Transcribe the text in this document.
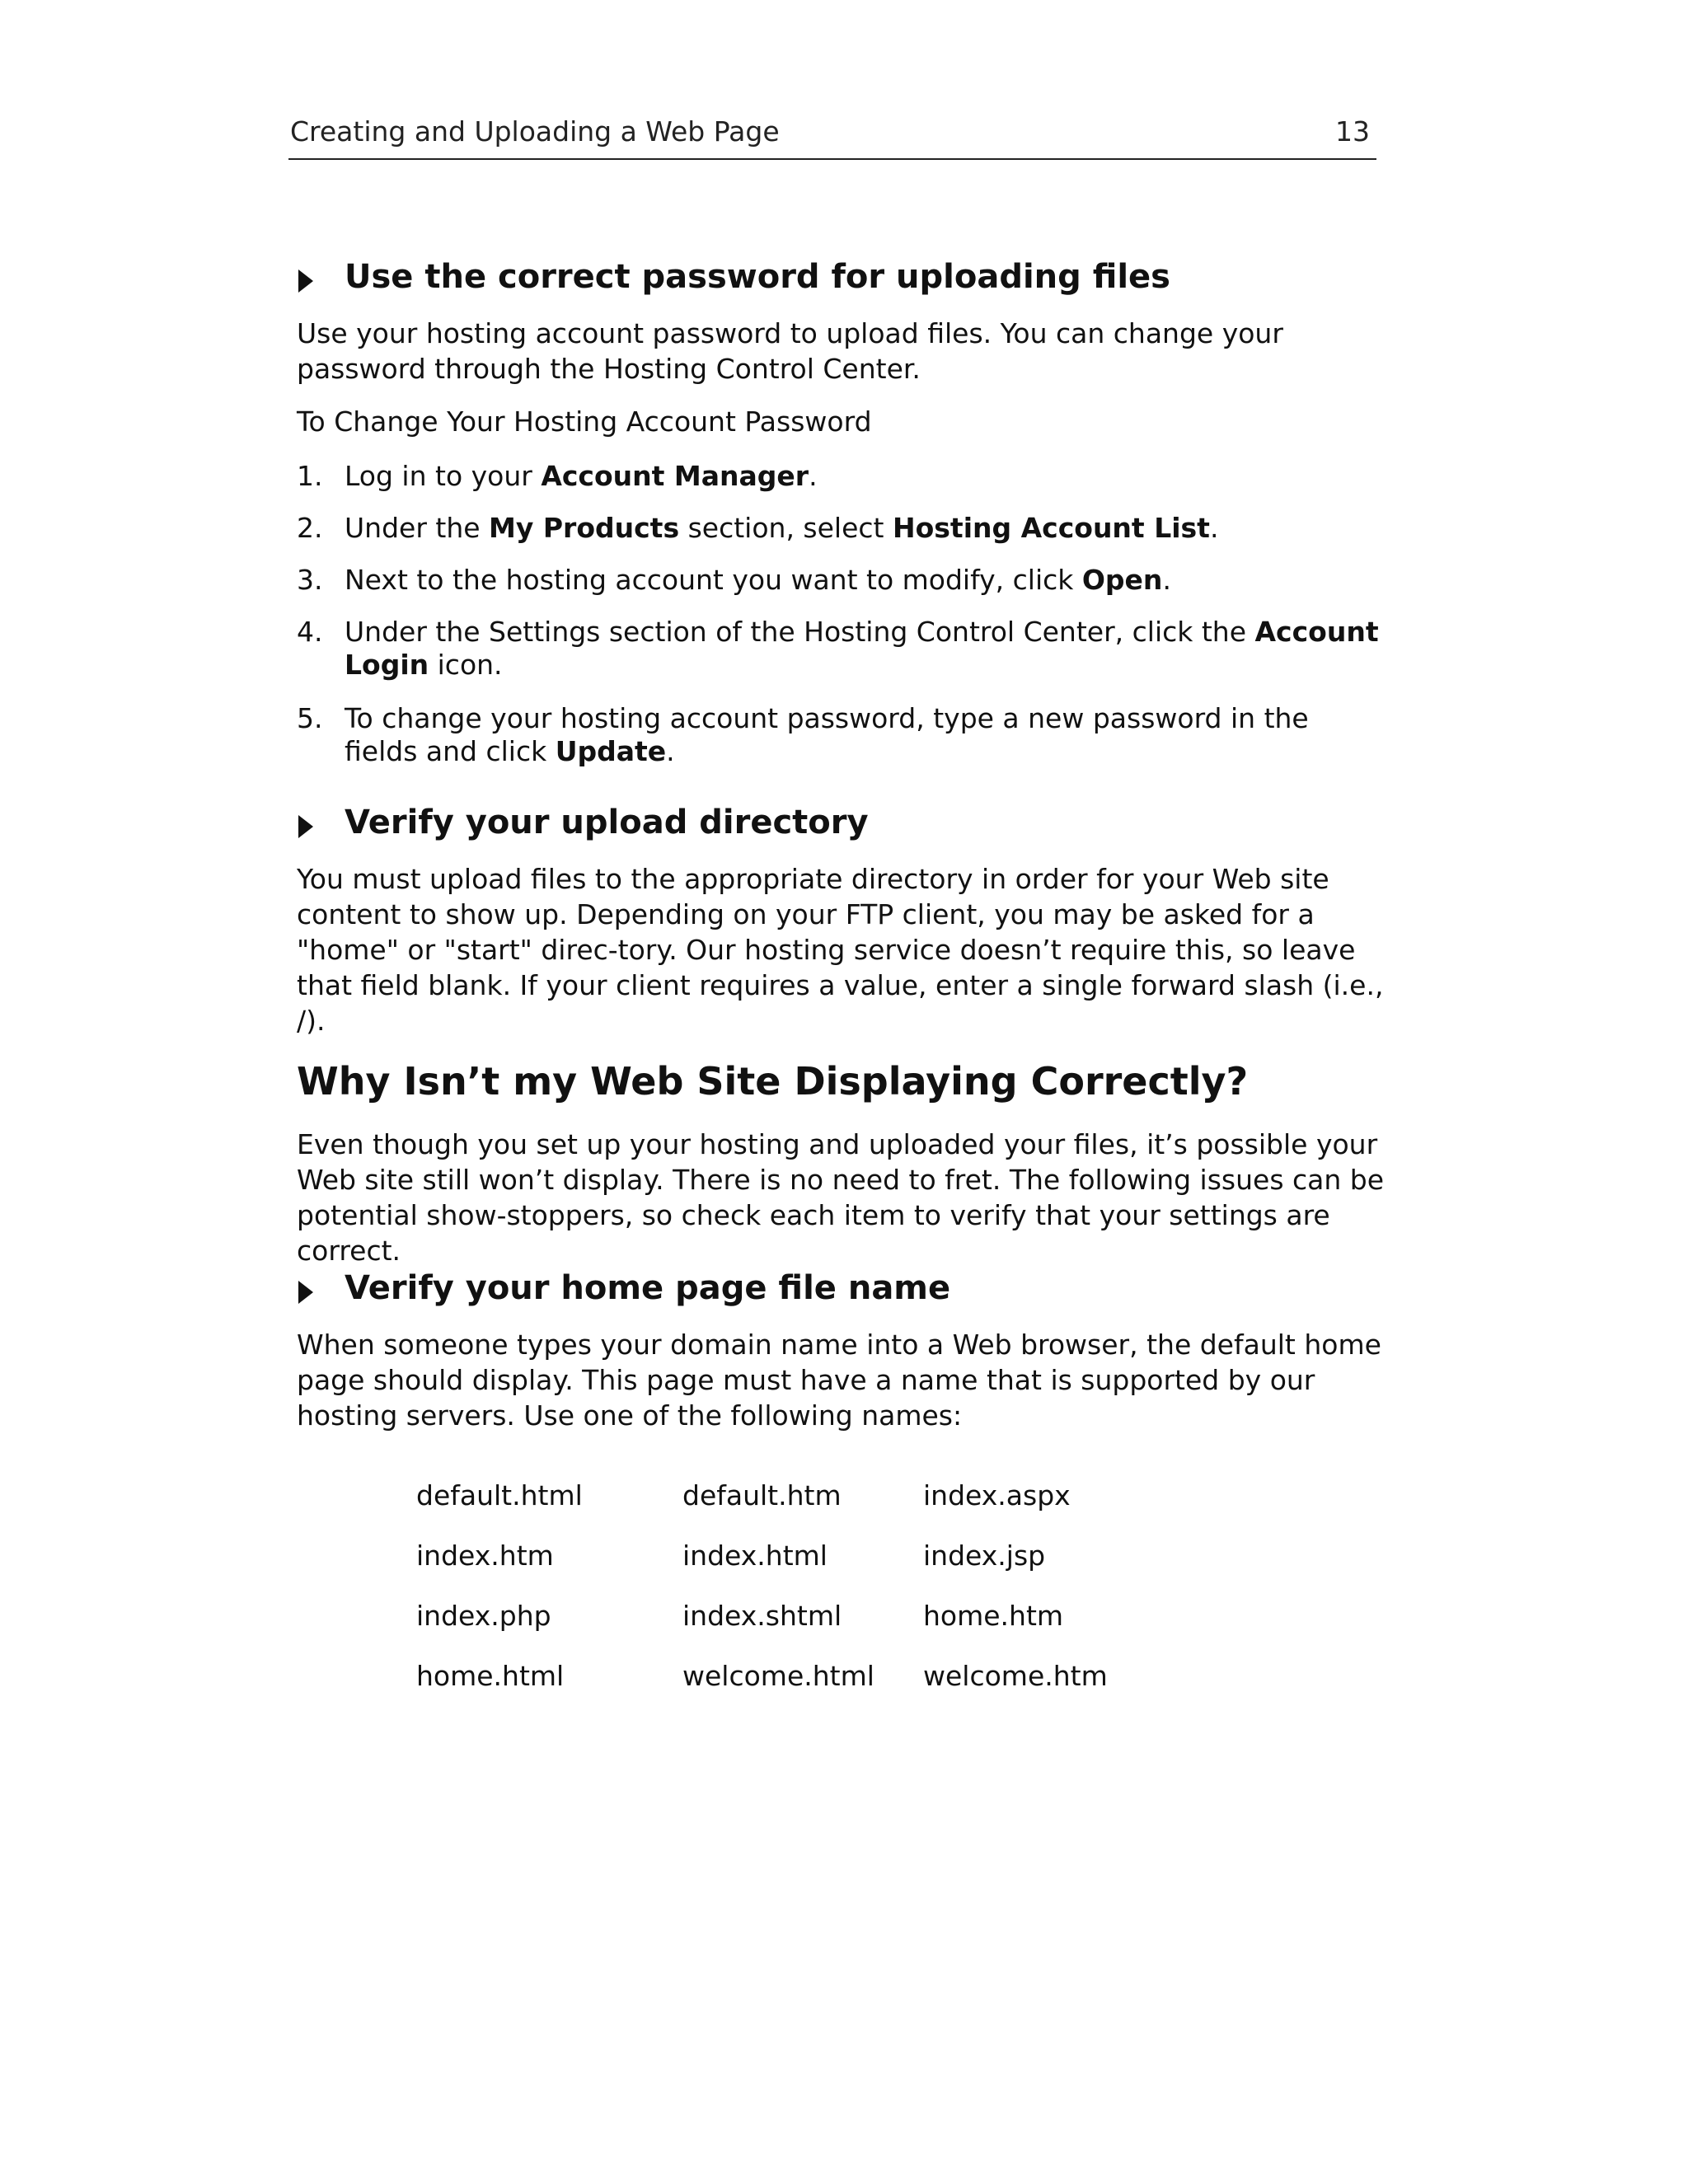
Creating and Uploading a Web Page	13
Use the correct password for uploading files
Use your hosting account password to upload files. You can change your password through the Hosting Control Center.
To Change Your Hosting Account Password
1. Log in to your Account Manager.
2. Under the My Products section, select Hosting Account List.
3. Next to the hosting account you want to modify, click Open.
4. Under the Settings section of the Hosting Control Center, click the Account Login icon.
5. To change your hosting account password, type a new password in the fields and click Update.
Verify your upload directory
You must upload files to the appropriate directory in order for your Web site content to show up. Depending on your FTP client, you may be asked for a "home" or "start" direc-tory. Our hosting service doesn’t require this, so leave that field blank. If your client requires a value, enter a single forward slash (i.e., /).
Why Isn’t my Web Site Displaying Correctly?
Even though you set up your hosting and uploaded your files, it’s possible your Web site still won’t display. There is no need to fret. The following issues can be potential show-stoppers, so check each item to verify that your settings are correct.
Verify your home page file name
When someone types your domain name into a Web browser, the default home page should display. This page must have a name that is supported by our hosting servers. Use one of the following names:
default.html	default.htm	index.aspx
index.htm	index.html	index.jsp
index.php	index.shtml	home.htm
home.html	welcome.html welcome.htm
